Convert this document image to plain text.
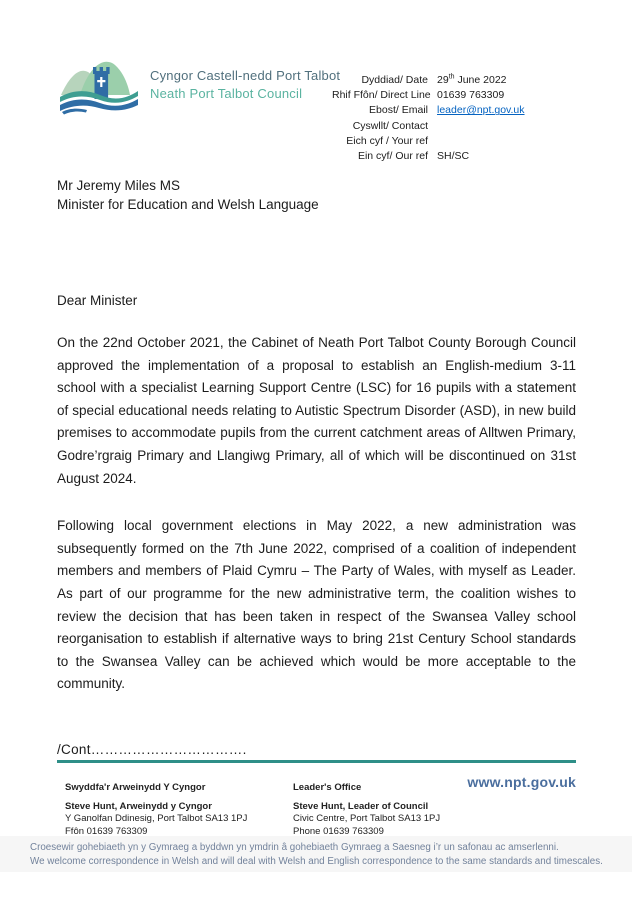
Cyngor Castell-nedd Port Talbot
Neath Port Talbot Council
Dyddiad/ Date 29th June 2022
Rhif Ffôn/ Direct Line 01639 763309
Ebost/ Email leader@npt.gov.uk
Cyswllt/ Contact
Eich cyf / Your ref
Ein cyf/ Our ref SH/SC
Mr Jeremy Miles MS
Minister for Education and Welsh Language
Dear Minister

On the 22nd October 2021, the Cabinet of Neath Port Talbot County Borough Council approved the implementation of a proposal to establish an English-medium 3-11 school with a specialist Learning Support Centre (LSC) for 16 pupils with a statement of special educational needs relating to Autistic Spectrum Disorder (ASD), in new build premises to accommodate pupils from the current catchment areas of Alltwen Primary, Godre’rgraig Primary and Llangiwg Primary, all of which will be discontinued on 31st August 2024.

Following local government elections in May 2022, a new administration was subsequently formed on the 7th June 2022, comprised of a coalition of independent members and members of Plaid Cymru – The Party of Wales, with myself as Leader. As part of our programme for the new administrative term, the coalition wishes to review the decision that has been taken in respect of the Swansea Valley school reorganisation to establish if alternative ways to bring 21st Century School standards to the Swansea Valley can be achieved which would be more acceptable to the community.

/Cont…………………………….
Swyddfa'r Arweinydd Y Cyngor
Steve Hunt, Arweinydd y Cyngor
Y Ganolfan Ddinesig, Port Talbot SA13 1PJ
Ffôn 01639 763309
Leader's Office
Steve Hunt, Leader of Council
Civic Centre, Port Talbot SA13 1PJ
Phone 01639 763309
www.npt.gov.uk
Croesewir gohebiaeth yn y Gymraeg a byddwn yn ymdrin â gohebiaeth Gymraeg a Saesneg i’r un safonau ac amserlenni.
We welcome correspondence in Welsh and will deal with Welsh and English correspondence to the same standards and timescales.
